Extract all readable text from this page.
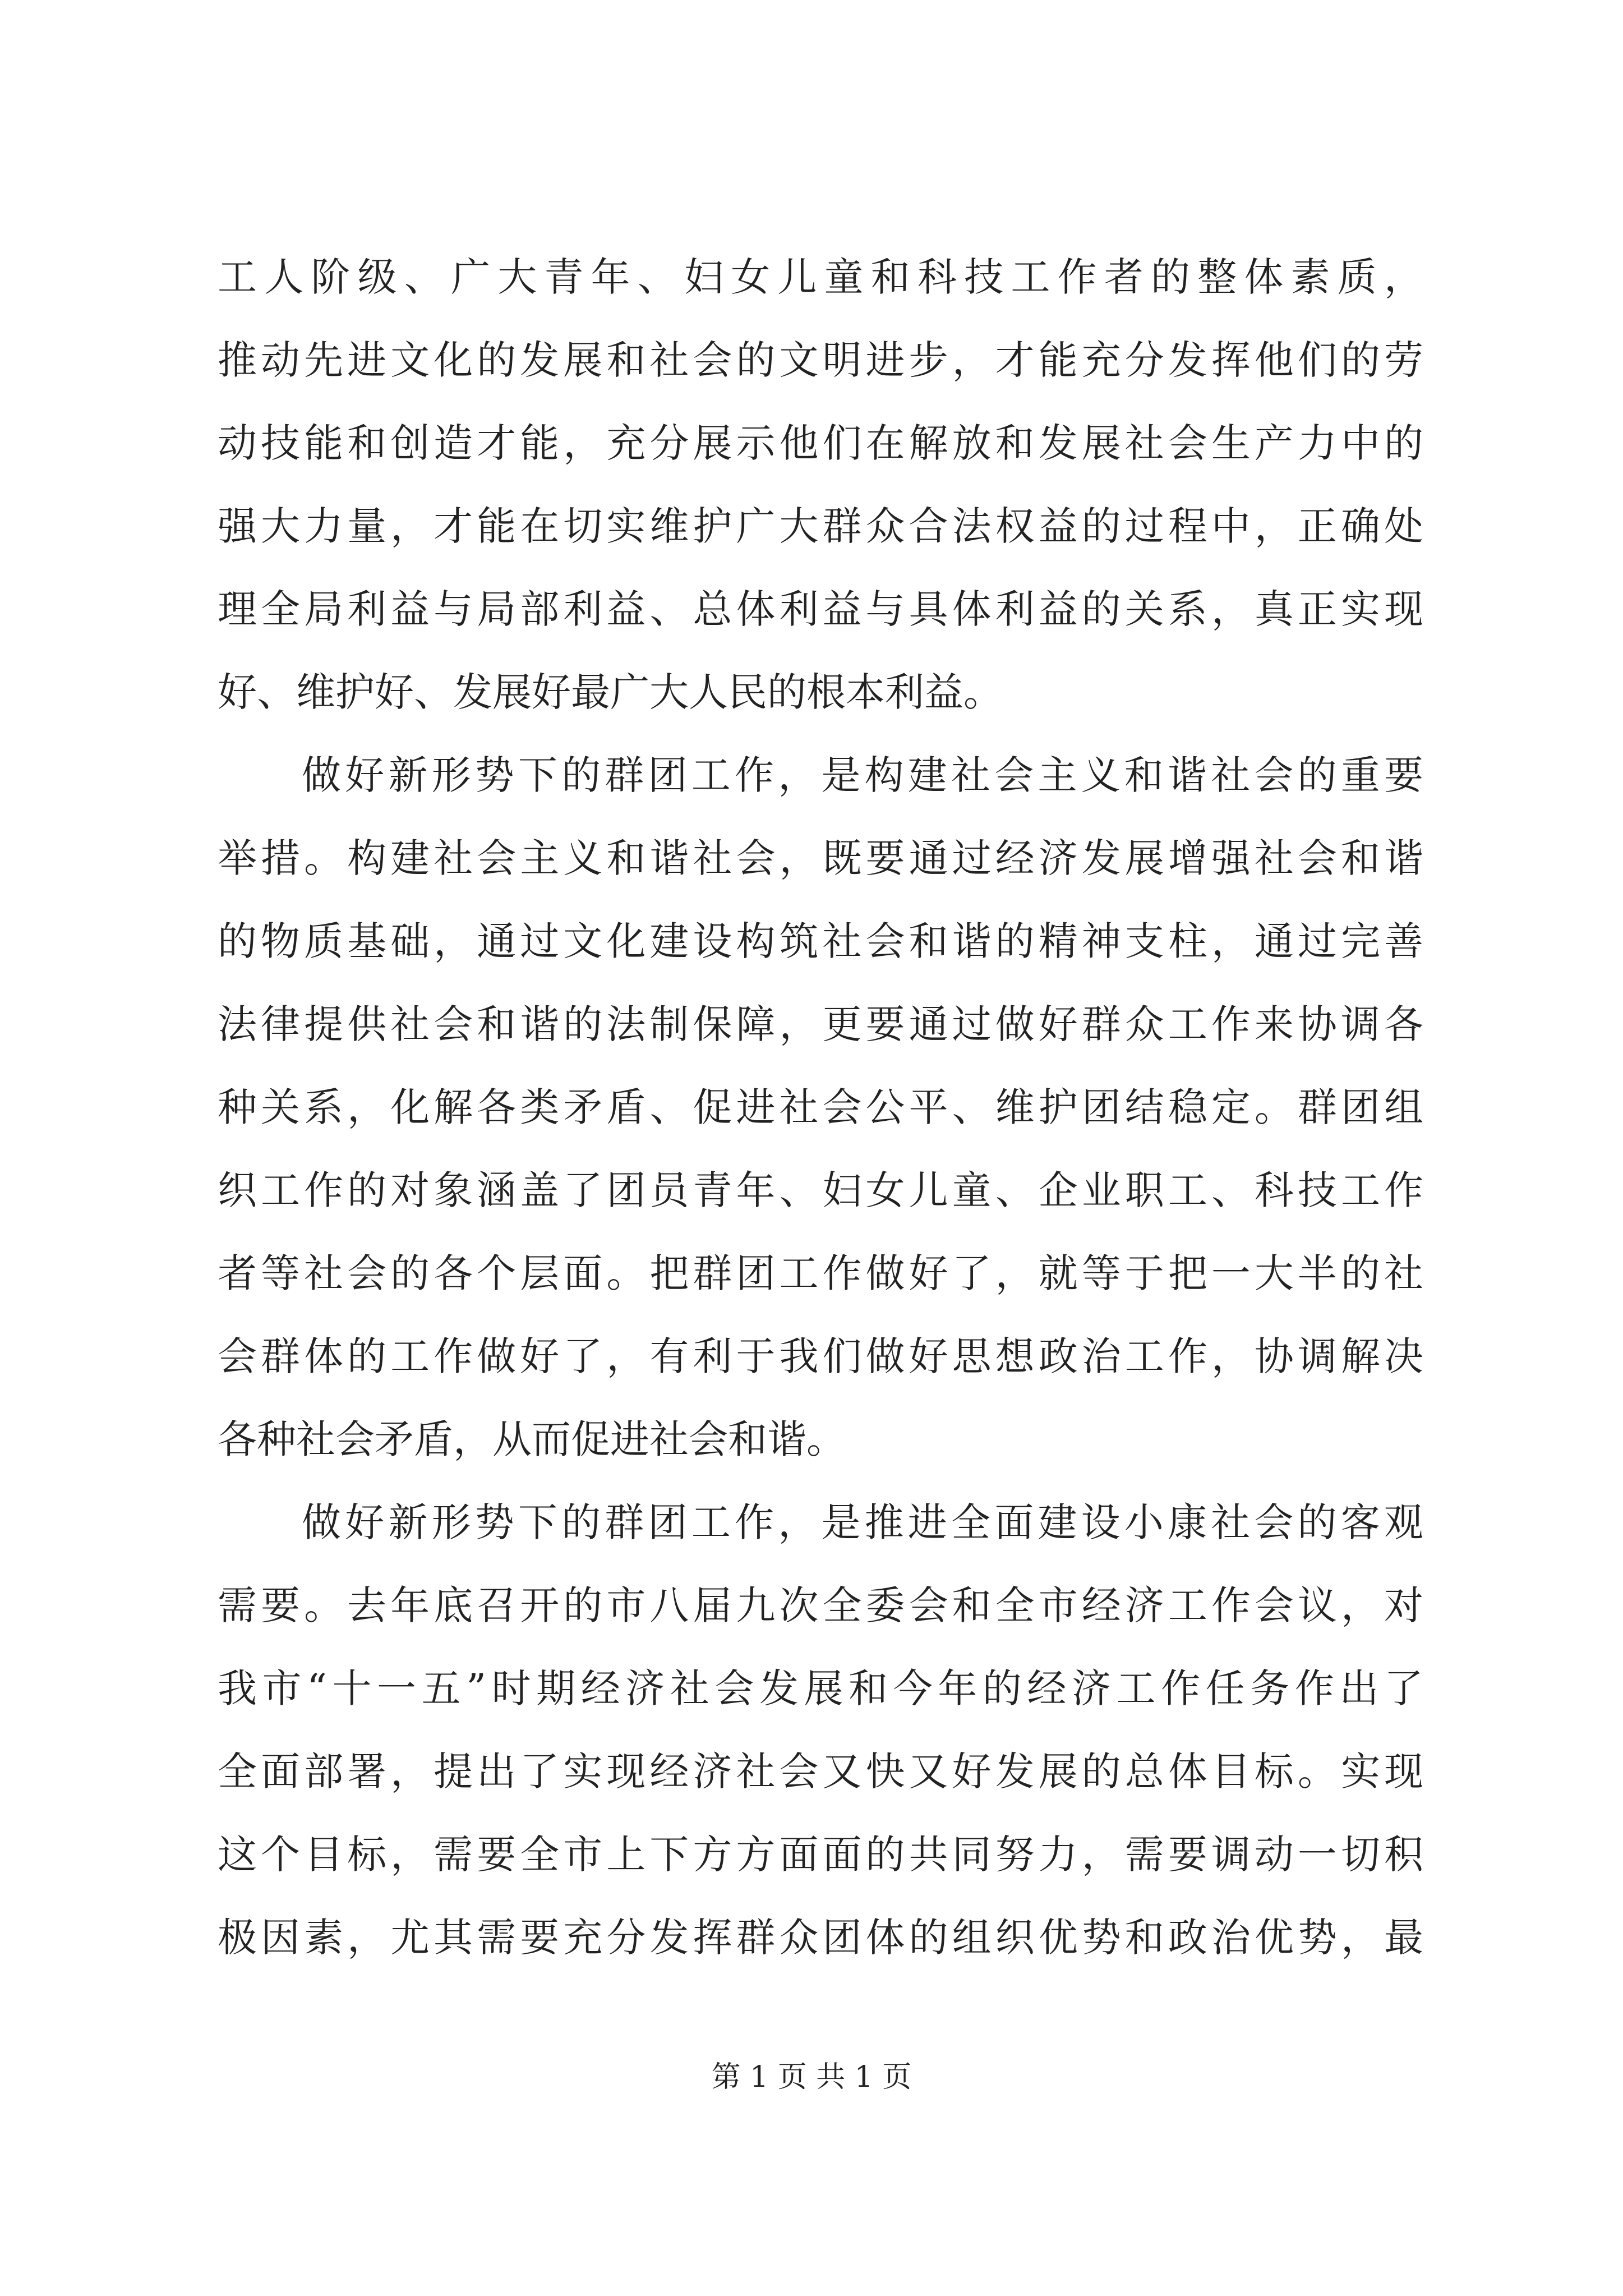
工人阶级、广大青年、妇女儿童和科技工作者的整体素质，
推动先进文化的发展和社会的文明进步，才能充分发挥他们的劳
动技能和创造才能，充分展示他们在解放和发展社会生产力中的
强大力量，才能在切实维护广大群众合法权益的过程中，正确处
理全局利益与局部利益、总体利益与具体利益的关系，真正实现
好、维护好、发展好最广大人民的根本利益。
做好新形势下的群团工作，是构建社会主义和谐社会的重要
举措。构建社会主义和谐社会，既要通过经济发展增强社会和谐
的物质基础，通过文化建设构筑社会和谐的精神支柱，通过完善
法律提供社会和谐的法制保障，更要通过做好群众工作来协调各
种关系，化解各类矛盾、促进社会公平、维护团结稳定。群团组
织工作的对象涵盖了团员青年、妇女儿童、企业职工、科技工作
者等社会的各个层面。把群团工作做好了，就等于把一大半的社
会群体的工作做好了，有利于我们做好思想政治工作，协调解决
各种社会矛盾，从而促进社会和谐。
做好新形势下的群团工作，是推进全面建设小康社会的客观
需要。去年底召开的市八届九次全委会和全市经济工作会议，对
我市“十一五”时期经济社会发展和今年的经济工作任务作出了
全面部署，提出了实现经济社会又快又好发展的总体目标。实现
这个目标，需要全市上下方方面面的共同努力，需要调动一切积
极因素，尤其需要充分发挥群众团体的组织优势和政治优势，最
第 1 页 共 1 页
